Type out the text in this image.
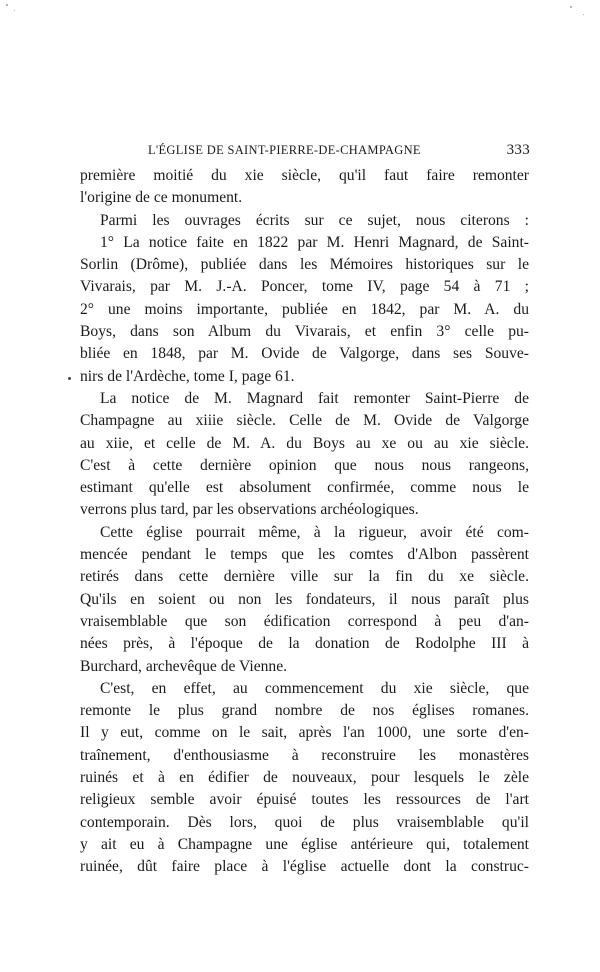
L'ÉGLISE DE SAINT-PIERRE-DE-CHAMPAGNE	333
première moitié du xie siècle, qu'il faut faire remonter
l'origine de ce monument.
Parmi les ouvrages écrits sur ce sujet, nous citerons :
1° La notice faite en 1822 par M. Henri Magnard, de Saint-
Sorlin (Drôme), publiée dans les Mémoires historiques sur le
Vivarais, par M. J.-A. Poncer, tome IV, page 54 à 71 ;
2° une moins importante, publiée en 1842, par M. A. du
Boys, dans son Album du Vivarais, et enfin 3° celle pu-
bliée en 1848, par M. Ovide de Valgorge, dans ses Souve-
nirs de l'Ardèche, tome I, page 61.
La notice de M. Magnard fait remonter Saint-Pierre de
Champagne au xiiie siècle. Celle de M. Ovide de Valgorge
au xiie, et celle de M. A. du Boys au xe ou au xie siècle.
C'est à cette dernière opinion que nous nous rangeons,
estimant qu'elle est absolument confirmée, comme nous le
verrons plus tard, par les observations archéologiques.
Cette église pourrait même, à la rigueur, avoir été com-
mencée pendant le temps que les comtes d'Albon passèrent
retirés dans cette dernière ville sur la fin du xe siècle.
Qu'ils en soient ou non les fondateurs, il nous paraît plus
vraisemblable que son édification correspond à peu d'an-
nées près, à l'époque de la donation de Rodolphe III à
Burchard, archevêque de Vienne.
C'est, en effet, au commencement du xie siècle, que
remonte le plus grand nombre de nos églises romanes.
Il y eut, comme on le sait, après l'an 1000, une sorte d'en-
traînement, d'enthousiasme à reconstruire les monastères
ruinés et à en édifier de nouveaux, pour lesquels le zèle
religieux semble avoir épuisé toutes les ressources de l'art
contemporain. Dès lors, quoi de plus vraisemblable qu'il
y ait eu à Champagne une église antérieure qui, totalement
ruinée, dût faire place à l'église actuelle dont la construc-
